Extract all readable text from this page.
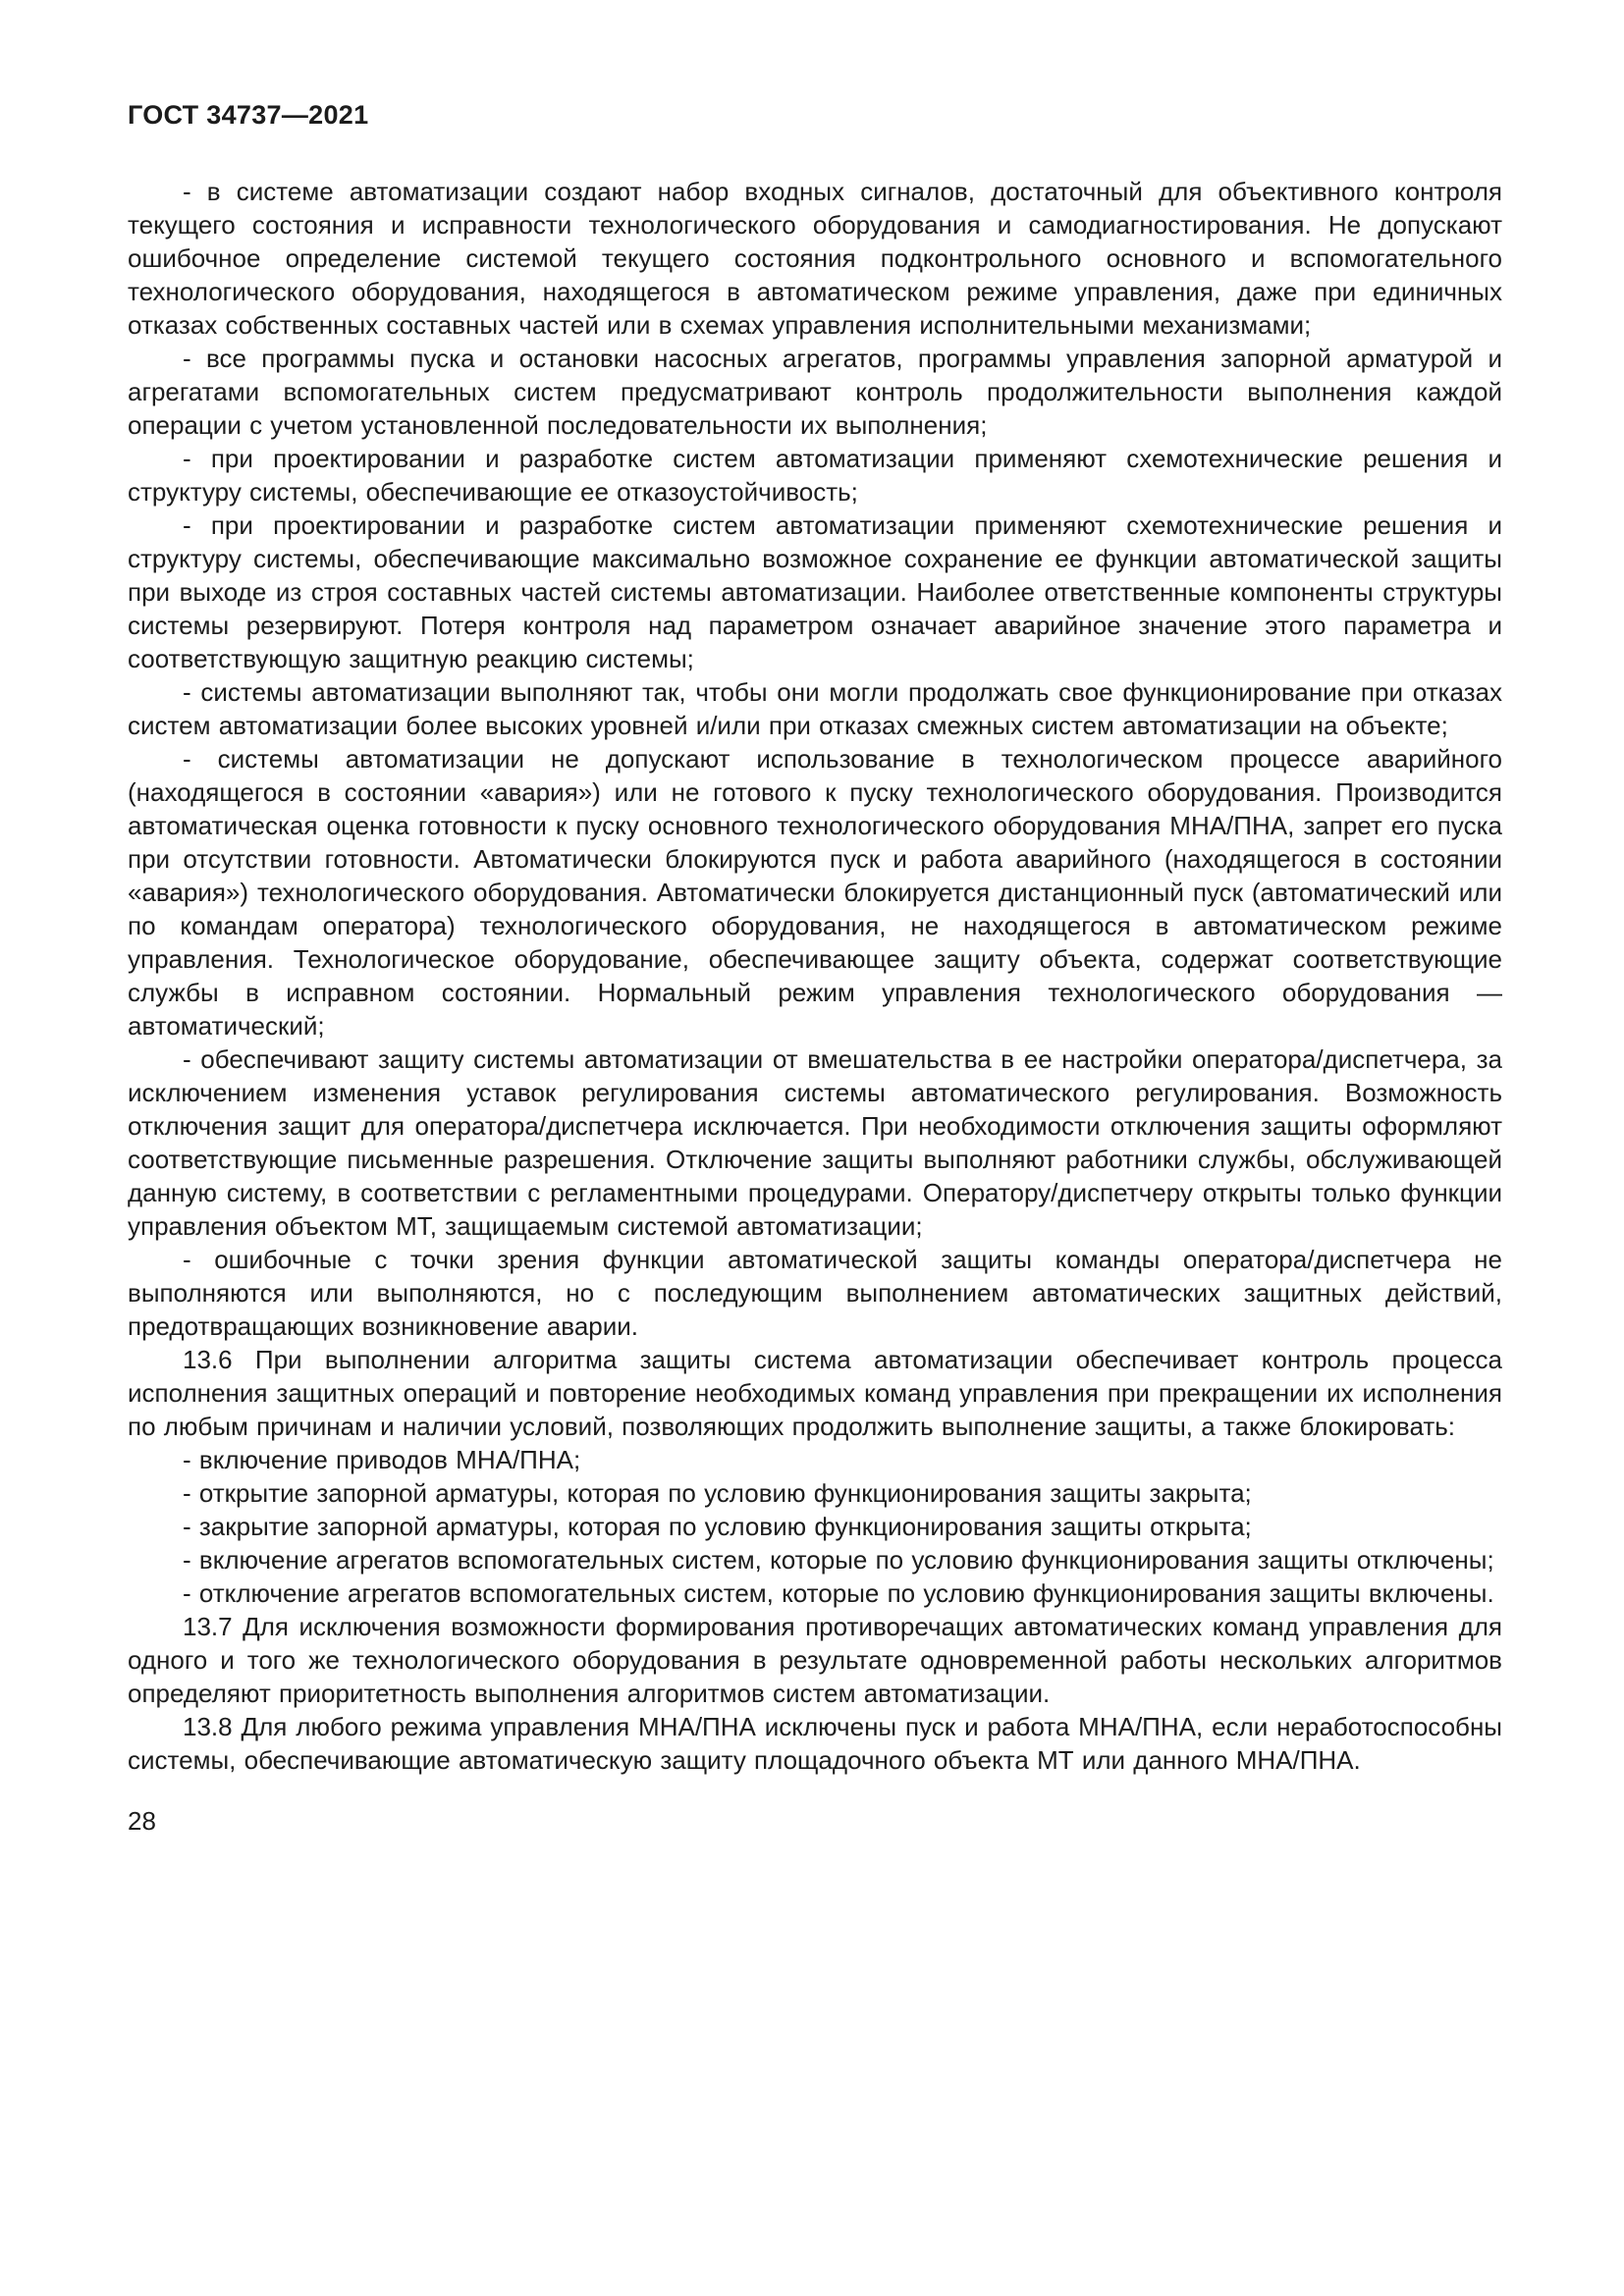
ГОСТ 34737—2021

- в системе автоматизации создают набор входных сигналов, достаточный для объективного контроля текущего состояния и исправности технологического оборудования и самодиагностирования. Не допускают ошибочное определение системой текущего состояния подконтрольного основного и вспомогательного технологического оборудования, находящегося в автоматическом режиме управления, даже при единичных отказах собственных составных частей или в схемах управления исполнительными механизмами;

- все программы пуска и остановки насосных агрегатов, программы управления запорной арматурой и агрегатами вспомогательных систем предусматривают контроль продолжительности выполнения каждой операции с учетом установленной последовательности их выполнения;

- при проектировании и разработке систем автоматизации применяют схемотехнические решения и структуру системы, обеспечивающие ее отказоустойчивость;

- при проектировании и разработке систем автоматизации применяют схемотехнические решения и структуру системы, обеспечивающие максимально возможное сохранение ее функции автоматической защиты при выходе из строя составных частей системы автоматизации. Наиболее ответственные компоненты структуры системы резервируют. Потеря контроля над параметром означает аварийное значение этого параметра и соответствующую защитную реакцию системы;

- системы автоматизации выполняют так, чтобы они могли продолжать свое функционирование при отказах систем автоматизации более высоких уровней и/или при отказах смежных систем автоматизации на объекте;

- системы автоматизации не допускают использование в технологическом процессе аварийного (находящегося в состоянии «авария») или не готового к пуску технологического оборудования. Производится автоматическая оценка готовности к пуску основного технологического оборудования МНА/ПНА, запрет его пуска при отсутствии готовности. Автоматически блокируются пуск и работа аварийного (находящегося в состоянии «авария») технологического оборудования. Автоматически блокируется дистанционный пуск (автоматический или по командам оператора) технологического оборудования, не находящегося в автоматическом режиме управления. Технологическое оборудование, обеспечивающее защиту объекта, содержат соответствующие службы в исправном состоянии. Нормальный режим управления технологического оборудования — автоматический;

- обеспечивают защиту системы автоматизации от вмешательства в ее настройки оператора/диспетчера, за исключением изменения уставок регулирования системы автоматического регулирования. Возможность отключения защит для оператора/диспетчера исключается. При необходимости отключения защиты оформляют соответствующие письменные разрешения. Отключение защиты выполняют работники службы, обслуживающей данную систему, в соответствии с регламентными процедурами. Оператору/диспетчеру открыты только функции управления объектом МТ, защищаемым системой автоматизации;

- ошибочные с точки зрения функции автоматической защиты команды оператора/диспетчера не выполняются или выполняются, но с последующим выполнением автоматических защитных действий, предотвращающих возникновение аварии.

13.6 При выполнении алгоритма защиты система автоматизации обеспечивает контроль процесса исполнения защитных операций и повторение необходимых команд управления при прекращении их исполнения по любым причинам и наличии условий, позволяющих продолжить выполнение защиты, а также блокировать:

- включение приводов МНА/ПНА;

- открытие запорной арматуры, которая по условию функционирования защиты закрыта;

- закрытие запорной арматуры, которая по условию функционирования защиты открыта;

- включение агрегатов вспомогательных систем, которые по условию функционирования защиты отключены;

- отключение агрегатов вспомогательных систем, которые по условию функционирования защиты включены.

13.7 Для исключения возможности формирования противоречащих автоматических команд управления для одного и того же технологического оборудования в результате одновременной работы нескольких алгоритмов определяют приоритетность выполнения алгоритмов систем автоматизации.

13.8 Для любого режима управления МНА/ПНА исключены пуск и работа МНА/ПНА, если неработоспособны системы, обеспечивающие автоматическую защиту площадочного объекта МТ или данного МНА/ПНА.

28
